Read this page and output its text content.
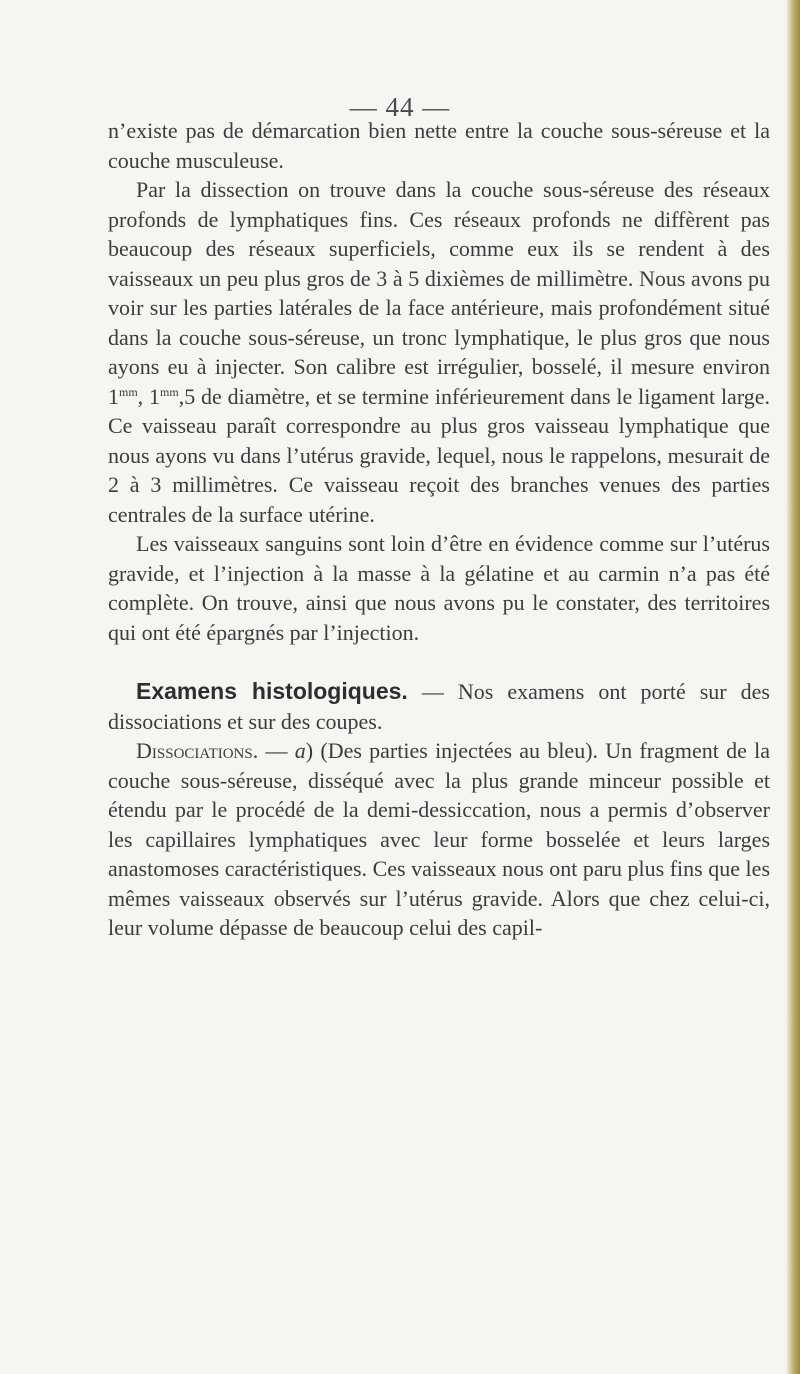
— 44 —

n’existe pas de démarcation bien nette entre la couche sous-séreuse et la couche musculeuse.

Par la dissection on trouve dans la couche sous-séreuse des réseaux profonds de lymphatiques fins. Ces réseaux profonds ne diffèrent pas beaucoup des réseaux superficiels, comme eux ils se rendent à des vaisseaux un peu plus gros de 3 à 5 dixièmes de millimètre. Nous avons pu voir sur les parties latérales de la face antérieure, mais profondément situé dans la couche sous-séreuse, un tronc lymphatique, le plus gros que nous ayons eu à injecter. Son calibre est irrégulier, bosselé, il mesure environ $1^{mm}$, $1^{mm},5$ de diamètre, et se termine inférieurement dans le ligament large. Ce vaisseau paraît correspondre au plus gros vaisseau lymphatique que nous ayons vu dans l’utérus gravide, lequel, nous le rappelons, mesurait de 2 à 3 millimètres. Ce vaisseau reçoit des branches venues des parties centrales de la surface utérine.

Les vaisseaux sanguins sont loin d’être en évidence comme sur l’utérus gravide, et l’injection à la masse à la gélatine et au carmin n’a pas été complète. On trouve, ainsi que nous avons pu le constater, des territoires qui ont été épargnés par l’injection.

Examens histologiques. — Nos examens ont porté sur des dissociations et sur des coupes.

Dissociations. — a) (Des parties injectées au bleu). Un fragment de la couche sous-séreuse, disséqué avec la plus grande minceur possible et étendu par le procédé de la demi-dessiccation, nous a permis d’observer les capillaires lymphatiques avec leur forme bosselée et leurs larges anastomoses caractéristiques. Ces vaisseaux nous ont paru plus fins que les mêmes vaisseaux observés sur l’utérus gravide. Alors que chez celui-ci, leur volume dépasse de beaucoup celui des capil-
